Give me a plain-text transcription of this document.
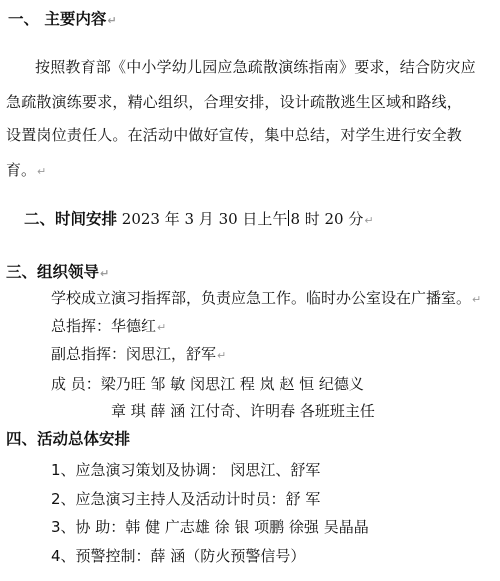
一、 主要内容↵
按照教育部《中小学幼儿园应急疏散演练指南》要求，结合防灾应
急疏散演练要求，精心组织，合理安排，设计疏散逃生区域和路线，
设置岗位责任人。在活动中做好宣传，集中总结，对学生进行安全教
育。↵
二、时间安排 2023 年 3 月 30 日上午 8 时 20 分↵
三、组织领导↵
学校成立演习指挥部，负责应急工作。临时办公室设在广播室。↵
总指挥：华德红↵
副总指挥：闵思江，舒军↵
成 员：梁乃旺 邹 敏 闵思江 程 岚 赵 恒 纪德义
章 琪 薛 涵 江付奇、许明春 各班班主任
四、活动总体安排
1、应急演习策划及协调： 闵思江、舒军
2、应急演习主持人及活动计时员：舒 军
3、协 助：韩 健 广志雄 徐 银 项鹏 徐强 吴晶晶
4、预警控制：薛 涵（防火预警信号）
